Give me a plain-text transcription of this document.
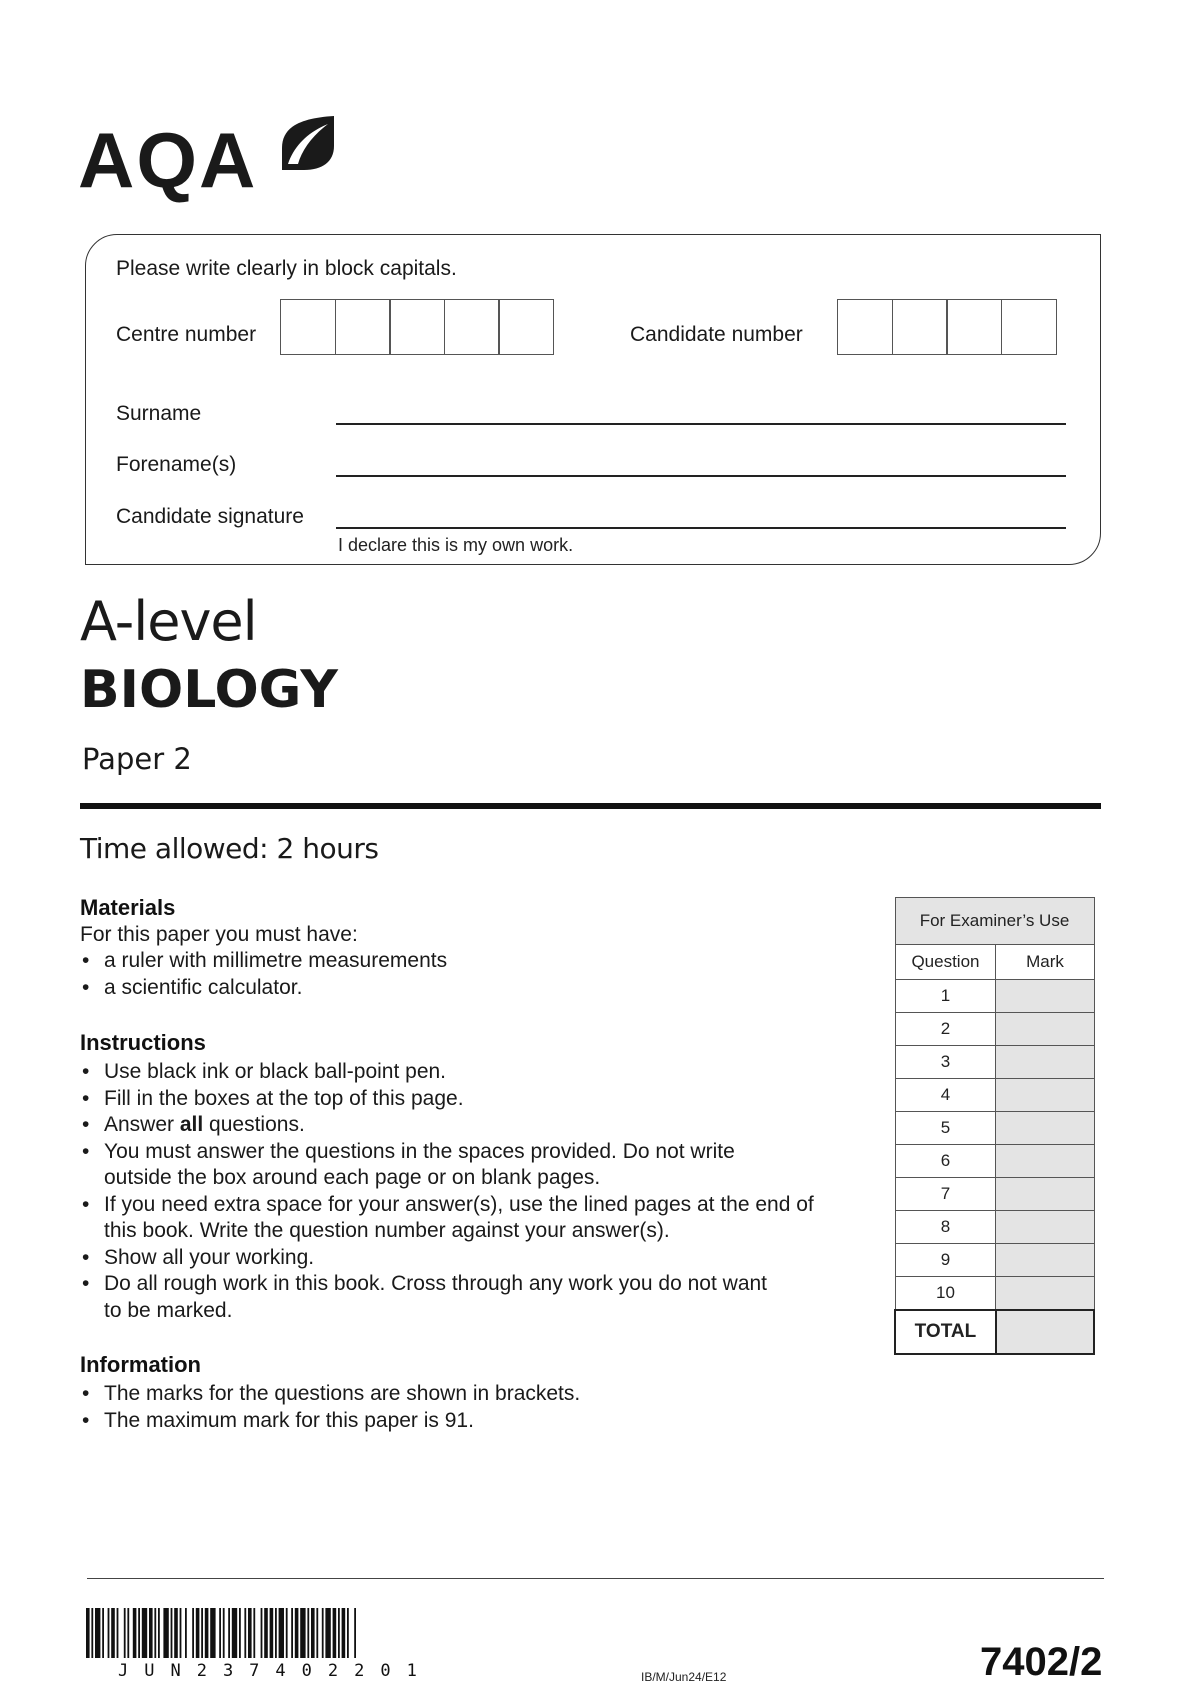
AQA
Please write clearly in block capitals.
Centre number	Candidate number
Surname
Forename(s)
Candidate signature
I declare this is my own work.
A-level
BIOLOGY
Paper 2
Time allowed: 2 hours
Materials
For this paper you must have:
• a ruler with millimetre measurements
• a scientific calculator.
Instructions
• Use black ink or black ball-point pen.
• Fill in the boxes at the top of this page.
• Answer all questions.
• You must answer the questions in the spaces provided. Do not write
outside the box around each page or on blank pages.
• If you need extra space for your answer(s), use the lined pages at the end of
this book. Write the question number against your answer(s).
• Show all your working.
• Do all rough work in this book. Cross through any work you do not want
to be marked.
Information
• The marks for the questions are shown in brackets.
• The maximum mark for this paper is 91.
For Examiner’s Use	
Question	Mark
1	
2	
3	
4	
5	
6	
7	
8	
9	
10	
TOTAL	
JUN237402201	IB/M/Jun24/E12	7402/2
